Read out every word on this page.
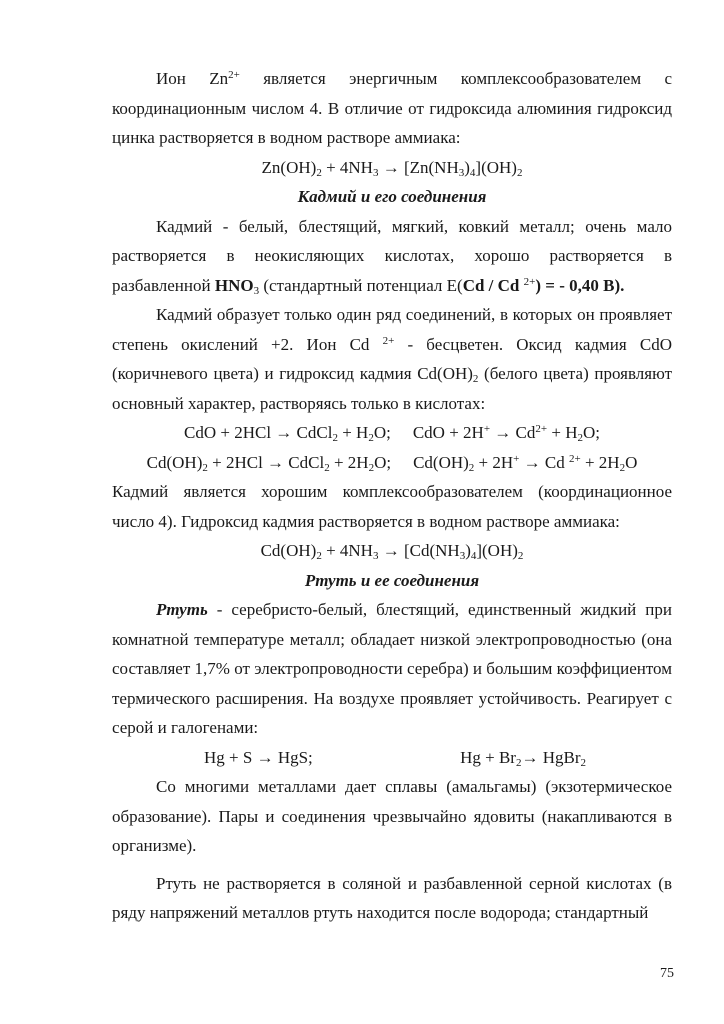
Ион $Zn^{2+}$ является энергичным комплексообразователем с координационным числом 4. В отличие от гидроксида алюминия гидроксид цинка растворяется в водном растворе аммиака:

$Zn(OH)_2 + 4NH_3 \to [Zn(NH_3)_4](OH)_2$

Кадмий и его соединения

Кадмий - белый, блестящий, мягкий, ковкий металл; очень мало растворяется в неокисляющих кислотах, хорошо растворяется в разбавленной $HNO_3$ (стандартный потенциал E(Cd / Cd $^{2+}$) = - 0,40 В).

Кадмий образует только один ряд соединений, в которых он проявляет степень окислений +2. Ион Cd $^{2+}$ - бесцветен. Оксид кадмия CdO (коричневого цвета) и гидроксид кадмия $Cd(OH)_2$ (белого цвета) проявляют основный характер, растворяясь только в кислотах:

CdO + 2HCl → CdCl$_2$ + $H_2O$; CdO + $2H^+ \to Cd^{2+} + H_2O$;

$Cd(OH)_2 + 2HCl$ → CdCl$_2$ + $2H_2O$; $Cd(OH)_2 + 2H^+ \to Cd$ $^{2+} + 2H_2O$

Кадмий является хорошим комплексообразователем (координационное число 4). Гидроксид кадмия растворяется в водном растворе аммиака:

$Cd(OH)_2 + 4NH_3 \to [Cd(NH_3)_4](OH)_2$

Ртуть и ее соединения

Ртуть - серебристо-белый, блестящий, единственный жидкий при комнатной температуре металл; обладает низкой электропроводностью (она составляет 1,7% от электропроводности серебра) и большим коэффициентом термического расширения. На воздухе проявляет устойчивость. Реагирует с серой и галогенами:

Hg + S → HgS;	$Hg + Br_2\to$ HgBr$_2$

Со многими металлами дает сплавы (амальгамы) (экзотермическое образование). Пары и соединения чрезвычайно ядовиты (накапливаются в организме).

Ртуть не растворяется в соляной и разбавленной серной кислотах (в ряду напряжений металлов ртуть находится после водорода; стандартный

75
